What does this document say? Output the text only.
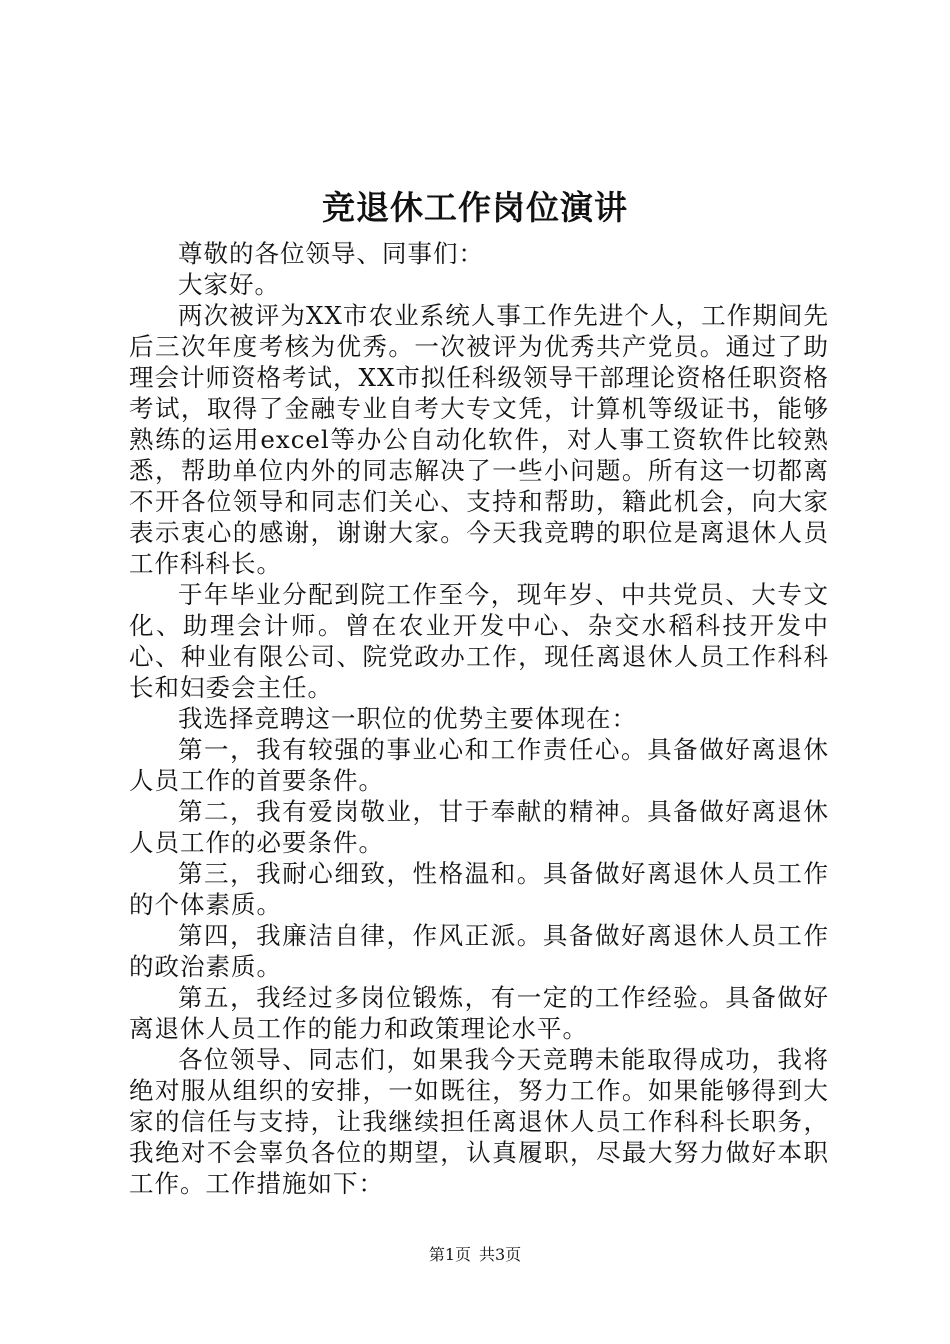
竞退休工作岗位演讲

尊敬的各位领导、同事们：

大家好。

两次被评为XX市农业系统人事工作先进个人，工作期间先后三次年度考核为优秀。一次被评为优秀共产党员。通过了助理会计师资格考试，XX市拟任科级领导干部理论资格任职资格考试，取得了金融专业自考大专文凭，计算机等级证书，能够熟练的运用excel等办公自动化软件，对人事工资软件比较熟悉，帮助单位内外的同志解决了一些小问题。所有这一切都离不开各位领导和同志们关心、支持和帮助，籍此机会，向大家表示衷心的感谢，谢谢大家。今天我竞聘的职位是离退休人员工作科科长。

于年毕业分配到院工作至今，现年岁、中共党员、大专文化、助理会计师。曾在农业开发中心、杂交水稻科技开发中心、种业有限公司、院党政办工作，现任离退休人员工作科科长和妇委会主任。

我选择竞聘这一职位的优势主要体现在：

第一，我有较强的事业心和工作责任心。具备做好离退休人员工作的首要条件。

第二，我有爱岗敬业，甘于奉献的精神。具备做好离退休人员工作的必要条件。

第三，我耐心细致，性格温和。具备做好离退休人员工作的个体素质。

第四，我廉洁自律，作风正派。具备做好离退休人员工作的政治素质。

第五，我经过多岗位锻炼，有一定的工作经验。具备做好离退休人员工作的能力和政策理论水平。

各位领导、同志们，如果我今天竞聘未能取得成功，我将绝对服从组织的安排，一如既往，努力工作。如果能够得到大家的信任与支持，让我继续担任离退休人员工作科科长职务，我绝对不会辜负各位的期望，认真履职，尽最大努力做好本职工作。工作措施如下：

第1页 共3页
